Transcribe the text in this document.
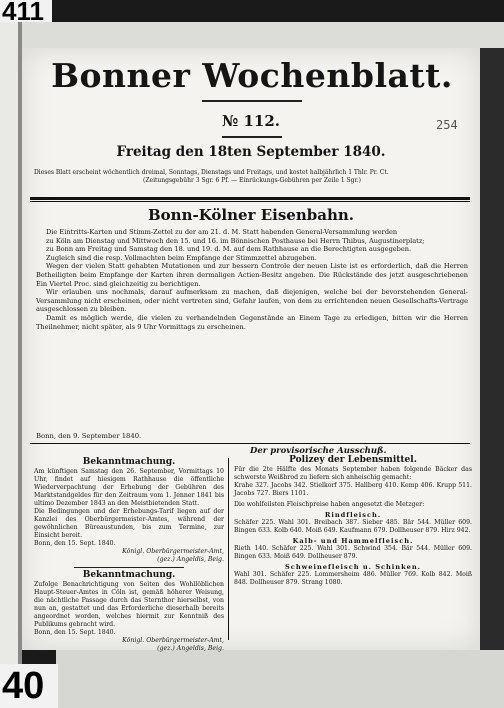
411
40
Bonner Wochenblatt.
№ 112.	254
Freitag den 18ten September 1840.
Dieses Blatt erscheint wöchentlich dreimal, Sonntags, Dienstags und Freitags, und kostet halbjährlich 1 Thlr. Pr. Ct.
(Zeitungsgebühr 3 Sgr. 6 Pf. — Einrückungs-Gebühren per Zeile 1 Sgr.)
Bonn-Kölner Eisenbahn.

Die Eintritts-Karten und Stimm-Zettel zu der am 21. d. M. Statt habenden General-Versammlung werden

zu Köln am Dienstag und Mittwoch den 15. und 16. im Bönnischen Posthause bei Herrn Thibus, Augustinerplatz;

zu Bonn am Freitag und Samstag den 18. und 19. d. M. auf dem Rathhause an die Berechtigten ausgegeben.

Zugleich sind die resp. Vollmachten beim Empfange der Stimmzettel abzugeben.

Wegen der vielen Statt gehabten Mutationen und zur bessern Controle der neuen Liste ist es erforderlich, daß die Herren Betheiligten beim Empfange der Karten ihren dermaligen Actien-Besitz angeben. Die Rückstände des jetzt ausgeschriebenen Ein Viertel Proc. sind gleichzeitig zu berichtigen.

Wir erlauben uns nochmals, darauf aufmerksam zu machen, daß diejenigen, welche bei der bevorstehenden General-Versammlung nicht erscheinen, oder nicht vertreten sind, Gefahr laufen, von dem zu errichtenden neuen Gesellschafts-Vertrage ausgeschlossen zu bleiben.

Damit es möglich werde, die vielen zu verhandelnden Gegenstände an Einem Tage zu erledigen, bitten wir die Herren Theilnehmer, nicht später, als 9 Uhr Vormittags zu erscheinen.

Bonn, den 9. September 1840.
Der provisorische Ausschuß.
Bekanntmachung.

Am künftigen Samstag den 26. September, Vormittags 10 Uhr, findet auf hiesigem Rathhause die öffentliche Wiederverpachtung der Erhebung der Gebühren des Marktstandgeldes für den Zeitraum vom 1. Jenner 1841 bis ultimo Dezember 1843 an den Meistbietenden Statt.

Die Bedingungen und der Erhebungs-Tarif liegen auf der Kanzlei des Oberbürgermeister-Amtes, während der gewöhnlichen Büreaustunden, bis zum Termine, zur Einsicht bereit.

Bonn, den 15. Sept. 1840.
Königl. Oberbürgermeister-Amt,
(gez.) Angeldis, Beig.
Bekanntmachung.

Zufolge Benachrichtigung von Seiten des Wohllöblichen Haupt-Steuer-Amtes in Cöln ist, gemäß höherer Weisung, die nächtliche Passage durch das Sternthor hierselbst, von nun an, gestattet und das Erforderliche dieserhalb bereits angeordnet worden, welches hiermit zur Kenntniß des Publikums gebracht wird.

Bonn, den 15. Sept. 1840.
Königl. Oberbürgermeister-Amt,
(gez.) Angeldis, Beig.
Polizey der Lebensmittel.

Für die 2te Hälfte des Monats September haben folgende Bäcker das schwerste Weißbrod zu liefern sich anheischig gemacht:

Krahe 327. Jacobs 342. Stielkorf 375. Hallberg 410. Kemp 406. Krupp 511. Jacobs 727. Biers 1101.

Die wohlfeilsten Fleischpreise haben angesetzt die Metzger:

Rindfleisch.

Schäfer 225. Wahl 301. Breibach 387. Sieber 485. Bär 544. Müller 609. Bingen 633. Kolb 640. Moiß 649. Kaufmann 679. Dollheuser 879. Hirz 942.

Kalb- und Hammelfleisch.

Rieth 140. Schäfer 225. Wahl 301. Schwind 354. Bär 544. Müller 609. Bingen 633. Moiß 649. Dollheuser 879.

Schweinefleisch u. Schinken.

Wahl 301. Schäfer 225. Lommersheim 486. Müller 769. Kolb 842. Moiß 848. Dollheuser 879. Strang 1080.
